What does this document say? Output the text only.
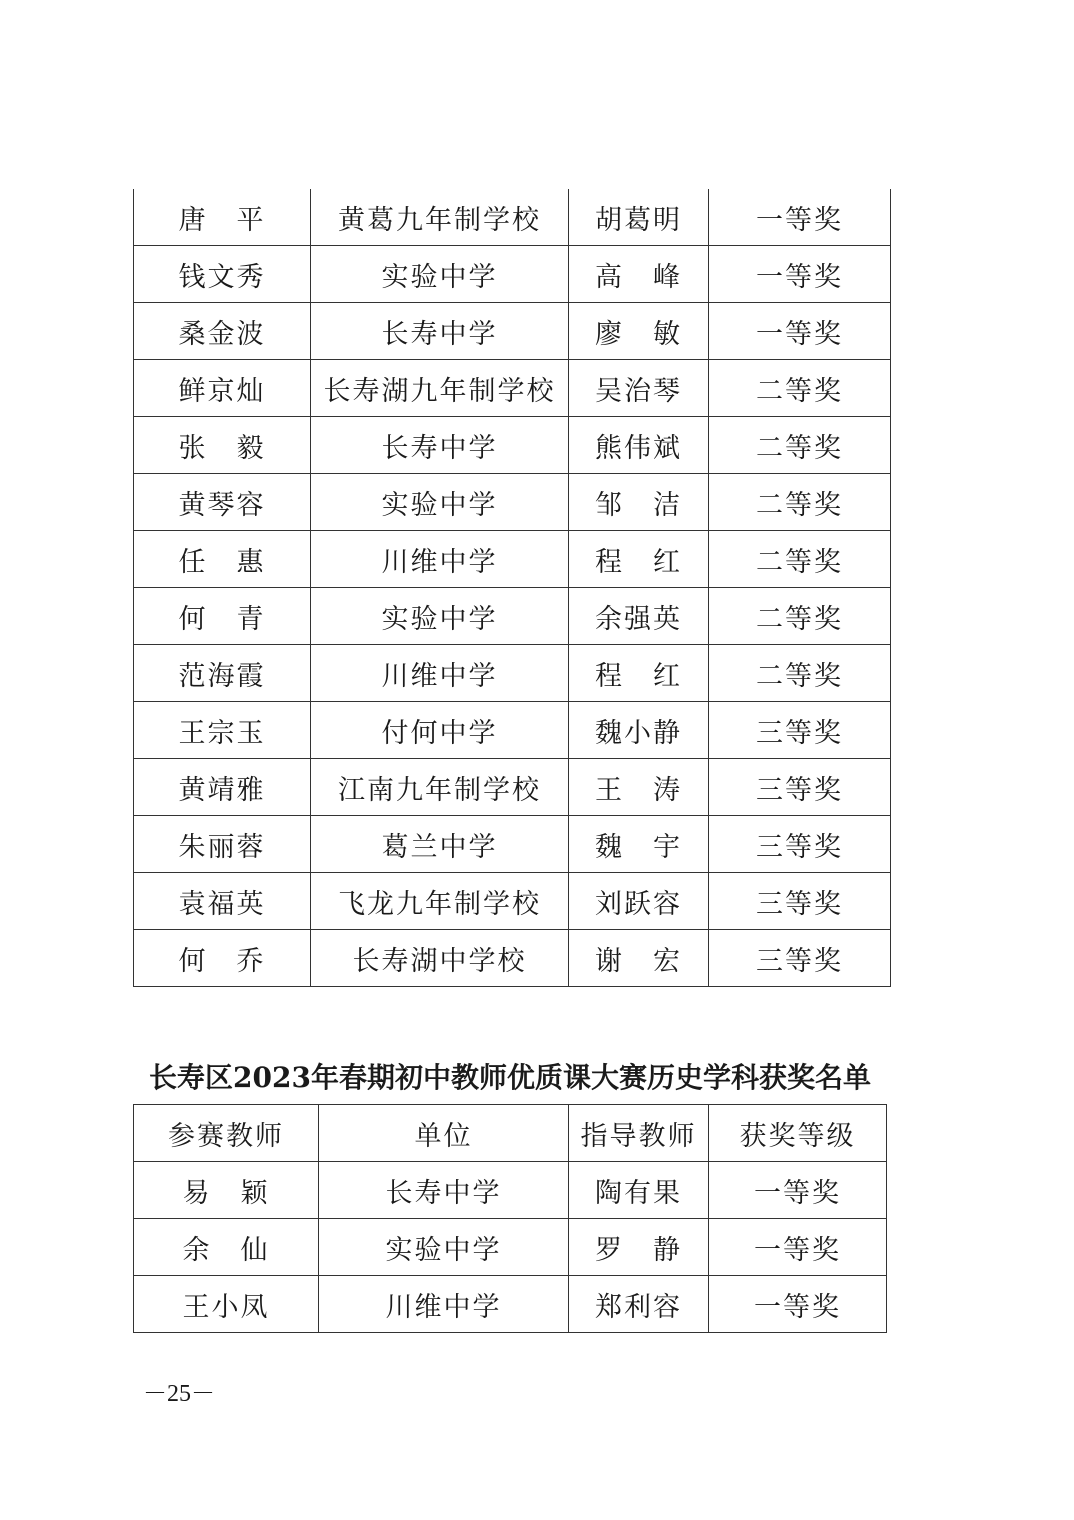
唐　平	黄葛九年制学校	胡葛明	一等奖
钱文秀	实验中学	高　峰	一等奖
桑金波	长寿中学	廖　敏	一等奖
鲜京灿	长寿湖九年制学校	吴治琴	二等奖
张　毅	长寿中学	熊伟斌	二等奖
黄琴容	实验中学	邹　洁	二等奖
任　惠	川维中学	程　红	二等奖
何　青	实验中学	余强英	二等奖
范海霞	川维中学	程　红	二等奖
王宗玉	付何中学	魏小静	三等奖
黄靖雅	江南九年制学校	王　涛	三等奖
朱丽蓉	葛兰中学	魏　宇	三等奖
袁福英	飞龙九年制学校	刘跃容	三等奖
何　乔	长寿湖中学校	谢　宏	三等奖
长寿区2023年春期初中教师优质课大赛历史学科获奖名单
参赛教师	单位	指导教师	获奖等级
易　颖	长寿中学	陶有果	一等奖
余　仙	实验中学	罗　静	一等奖
王小凤	川维中学	郑利容	一等奖
－25－
